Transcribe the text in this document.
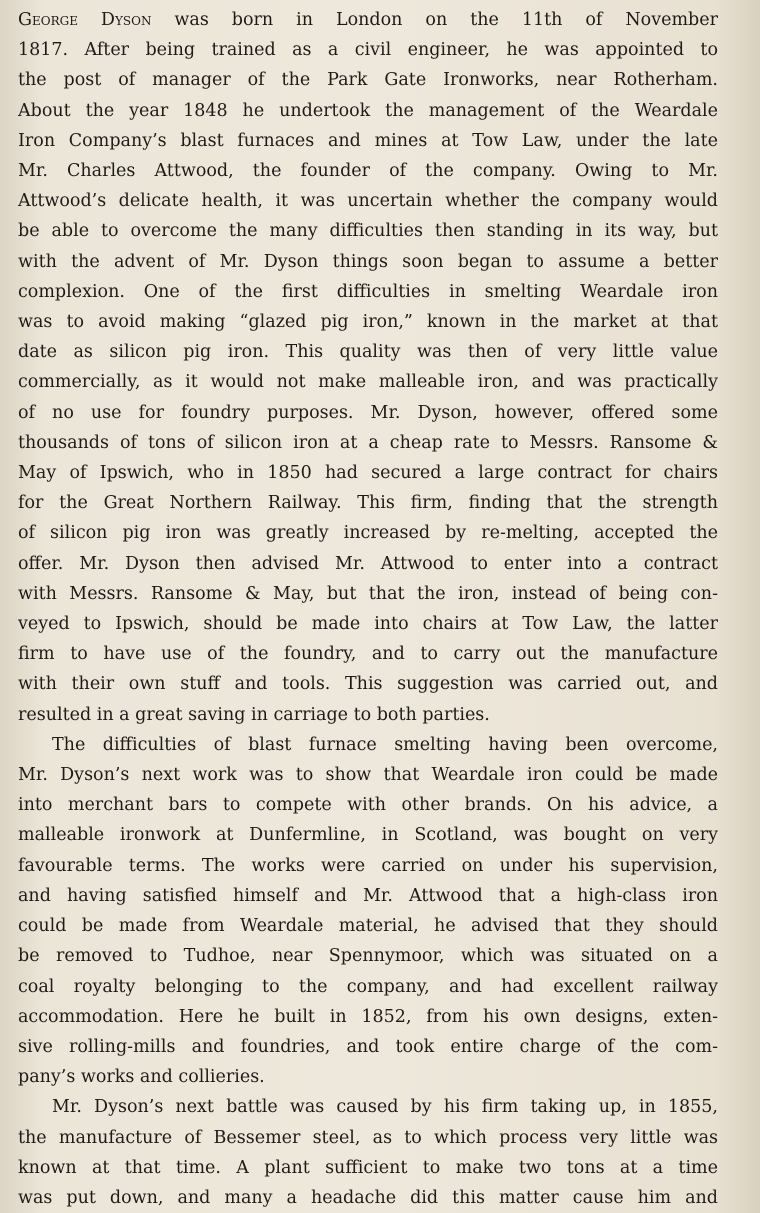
George Dyson was born in London on the 11th of November
1817. After being trained as a civil engineer, he was appointed to
the post of manager of the Park Gate Ironworks, near Rotherham.
About the year 1848 he undertook the management of the Weardale
Iron Company’s blast furnaces and mines at Tow Law, under the late
Mr. Charles Attwood, the founder of the company. Owing to Mr.
Attwood’s delicate health, it was uncertain whether the company would
be able to overcome the many difficulties then standing in its way, but
with the advent of Mr. Dyson things soon began to assume a better
complexion. One of the first difficulties in smelting Weardale iron
was to avoid making “glazed pig iron,” known in the market at that
date as silicon pig iron. This quality was then of very little value
commercially, as it would not make malleable iron, and was practically
of no use for foundry purposes. Mr. Dyson, however, offered some
thousands of tons of silicon iron at a cheap rate to Messrs. Ransome &
May of Ipswich, who in 1850 had secured a large contract for chairs
for the Great Northern Railway. This firm, finding that the strength
of silicon pig iron was greatly increased by re-melting, accepted the
offer. Mr. Dyson then advised Mr. Attwood to enter into a contract
with Messrs. Ransome & May, but that the iron, instead of being con-
veyed to Ipswich, should be made into chairs at Tow Law, the latter
firm to have use of the foundry, and to carry out the manufacture
with their own stuff and tools. This suggestion was carried out, and
resulted in a great saving in carriage to both parties.
The difficulties of blast furnace smelting having been overcome,
Mr. Dyson’s next work was to show that Weardale iron could be made
into merchant bars to compete with other brands. On his advice, a
malleable ironwork at Dunfermline, in Scotland, was bought on very
favourable terms. The works were carried on under his supervision,
and having satisfied himself and Mr. Attwood that a high-class iron
could be made from Weardale material, he advised that they should
be removed to Tudhoe, near Spennymoor, which was situated on a
coal royalty belonging to the company, and had excellent railway
accommodation. Here he built in 1852, from his own designs, exten-
sive rolling-mills and foundries, and took entire charge of the com-
pany’s works and collieries.
Mr. Dyson’s next battle was caused by his firm taking up, in 1855,
the manufacture of Bessemer steel, as to which process very little was
known at that time. A plant sufficient to make two tons at a time
was put down, and many a headache did this matter cause him and
